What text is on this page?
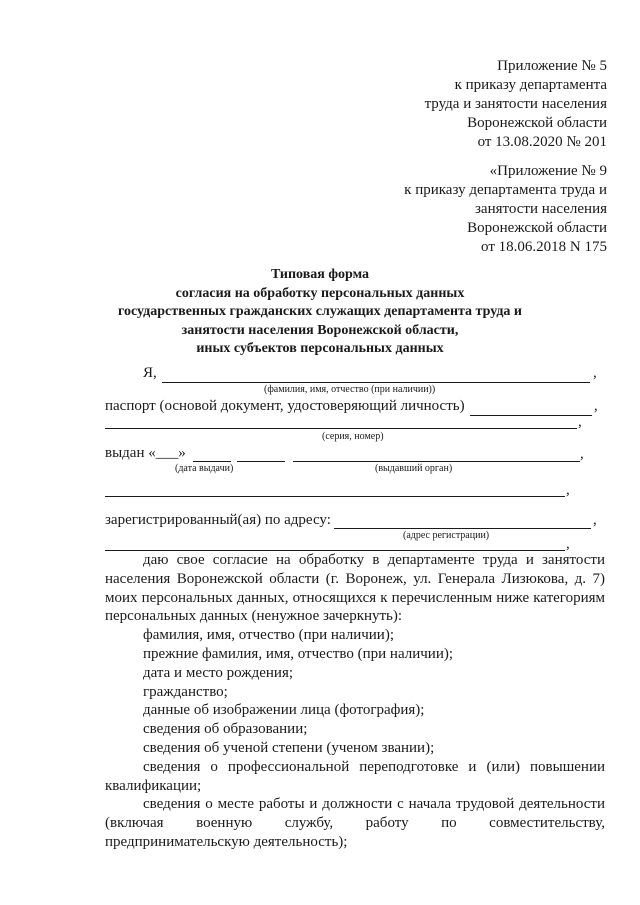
Приложение № 5
к приказу департамента
труда и занятости населения
Воронежской области
от 13.08.2020 № 201
«Приложение № 9
к приказу департамента труда и
занятости населения
Воронежской области
от 18.06.2018 N 175
Типовая форма
согласия на обработку персональных данных
государственных гражданских служащих департамента труда и
занятости населения Воронежской области,
иных субъектов персональных данных
Я,	,
(фамилия, имя, отчество (при наличии))
паспорт (основой документ, удостоверяющий личность)	,
,
(серия, номер)
выдан «___»	,
(дата выдачи)	(выдавший орган)
,
зарегистрированный(ая) по адресу:	,
(адрес регистрации)
,

даю свое согласие на обработку в департаменте труда и занятости

населения Воронежской области (г. Воронеж, ул. Генерала Лизюкова, д. 7)

моих персональных данных, относящихся к перечисленным ниже категориям

персональных данных (ненужное зачеркнуть):

фамилия, имя, отчество (при наличии);

прежние фамилия, имя, отчество (при наличии);

дата и место рождения;

гражданство;

данные об изображении лица (фотография);

сведения об образовании;

сведения об ученой степени (ученом звании);

сведения о профессиональной переподготовке и (или) повышении

квалификации;

сведения о месте работы и должности с начала трудовой деятельности

(включая военную службу, работу по совместительству,

предпринимательскую деятельность);
